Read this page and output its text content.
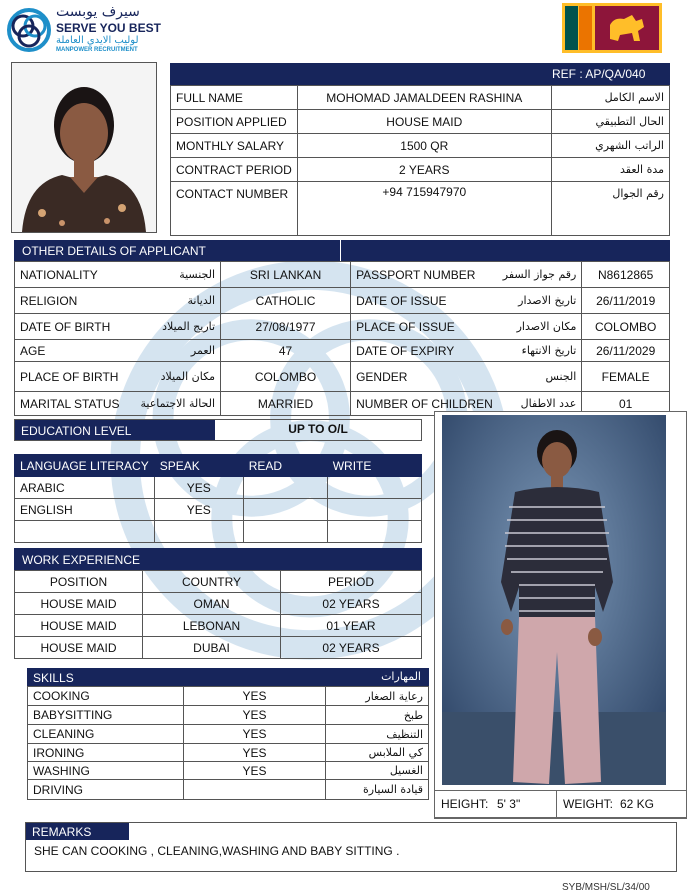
سيرف يوبست
SERVE YOU BEST
لوليب الايدي العاملة
MANPOWER RECRUITMENT
REF : AP/QA/040
FULL NAME	MOHOMAD JAMALDEEN RASHINA	الاسم الكامل
POSITION APPLIED	HOUSE MAID	الحال التطبيقي
MONTHLY SALARY	1500 QR	الراتب الشهري
CONTRACT PERIOD	2 YEARS	مدة العقد
CONTACT NUMBER	+94 715947970	رقم الجوال
OTHER DETAILS OF APPLICANT
NATIONALITY	الجنسية	SRI LANKAN	PASSPORT NUMBER	رقم جواز السفر	N8612865
RELIGION	الديانة	CATHOLIC	DATE OF ISSUE	تاريخ الاصدار	26/11/2019
DATE OF BIRTH	تاريج الميلاد	27/08/1977	PLACE OF ISSUE	مكان الاصدار	COLOMBO
AGE	العمر	47	DATE OF EXPIRY	تاريخ الانتهاء	26/11/2029
PLACE OF BIRTH	مكان الميلاد	COLOMBO	GENDER	الجنس	FEMALE
MARITAL STATUS	الحالة الاجتماعية	MARRIED	NUMBER OF CHILDREN	عدد الاطفال	01
EDUCATION LEVEL	UP TO O/L
LANGUAGE LITERACY	SPEAK	READ	WRITE
ARABIC	YES		
ENGLISH	YES		

WORK EXPERIENCE
POSITION	COUNTRY	PERIOD
HOUSE MAID	OMAN	02 YEARS
HOUSE MAID	LEBONAN	01 YEAR
HOUSE MAID	DUBAI	02 YEARS
SKILLS	المهارات
COOKING	YES	رعاية الصغار
BABYSITTING	YES	طبخ
CLEANING	YES	التنظيف
IRONING	YES	كي الملابس
WASHING	YES	الغسيل
DRIVING		قيادة السيارة
HEIGHT: 5' 3"	WEIGHT: 62 KG
REMARKS
SHE CAN COOKING , CLEANING,WASHING AND BABY SITTING .
SYB/MSH/SL/34/00
